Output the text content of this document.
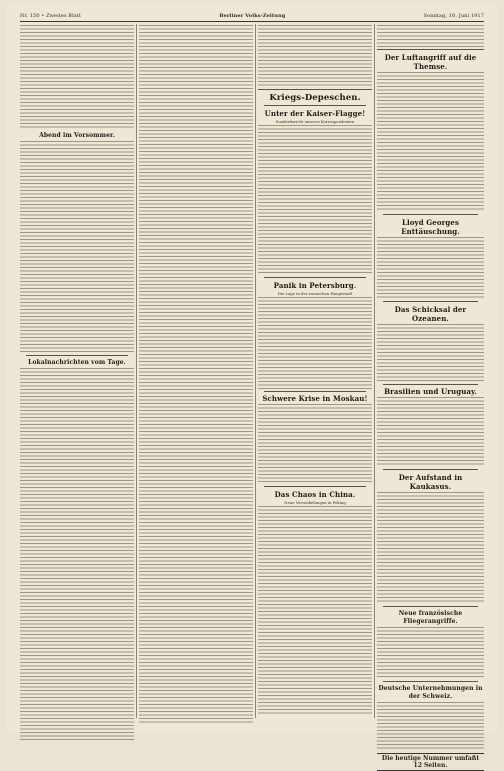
Nr. 150 • Zweites Blatt	Berliner Volks-Zeitung	Sonntag, 10. Juni 1917
Abend im Vorsommer.
Lokalnachrichten vom Tage.
Kriegs-Depeschen.
Unter der Kaiser-Flagge!
Sonderbericht unseres Korrespondenten
Panik in Petersburg.
Die Lage in der russischen Hauptstadt
Schwere Krise in Moskau!
Das Chaos in China.
Neue Verwickelungen in Peking
Der Luftangriff auf die Themse.
Lloyd Georges Enttäuschung.
Das Schicksal der Ozeanen.
Brasilien und Uruguay.
Der Aufstand in Kaukasus.
Neue französische Fliegerangriffe.
Deutsche Unternehmungen in der Schweiz.
Die heutige Nummer umfaßt 12 Seiten.
